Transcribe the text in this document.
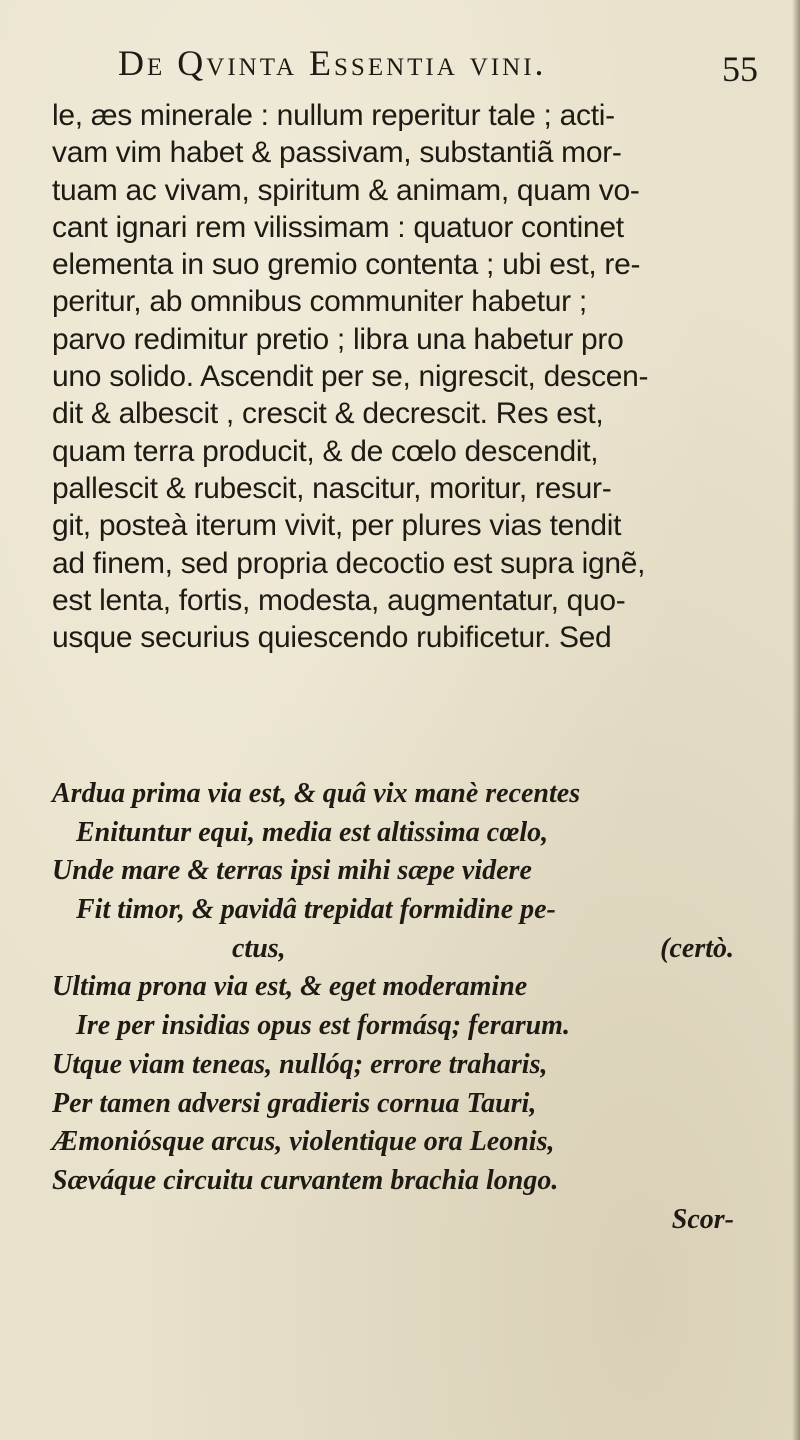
De Qvinta Essentia vini.	55
le, æs minerale : nullum reperitur tale ; acti-
vam vim habet & passivam, substantiã mor-
tuam ac vivam, spiritum & animam, quam vo-
cant ignari rem vilissimam : quatuor continet
elementa in suo gremio contenta ; ubi est, re-
peritur, ab omnibus communiter habetur ;
parvo redimitur pretio ; libra una habetur pro
uno solido. Ascendit per se, nigrescit, descen-
dit & albescit , crescit & decrescit. Res est,
quam terra producit, & de cœlo descendit,
pallescit & rubescit, nascitur, moritur, resur-
git, posteà iterum vivit, per plures vias tendit
ad finem, sed propria decoctio est supra ignẽ,
est lenta, fortis, modesta, augmentatur, quo-
usque securius quiescendo rubificetur. Sed
Ardua prima via est, & quâ vix manè recentes
Enituntur equi, media est altissima cœlo,
Unde mare & terras ipsi mihi sæpe videre
Fit timor, & pavidâ trepidat formidine pe-
ctus,	(certò.
Ultima prona via est, & eget moderamine
Ire per insidias opus est formásq; ferarum.
Utque viam teneas, nullóq; errore traharis,
Per tamen adversi gradieris cornua Tauri,
Æmoniósque arcus, violentique ora Leonis,
Sæváque circuitu curvantem brachia longo.
Scor-
